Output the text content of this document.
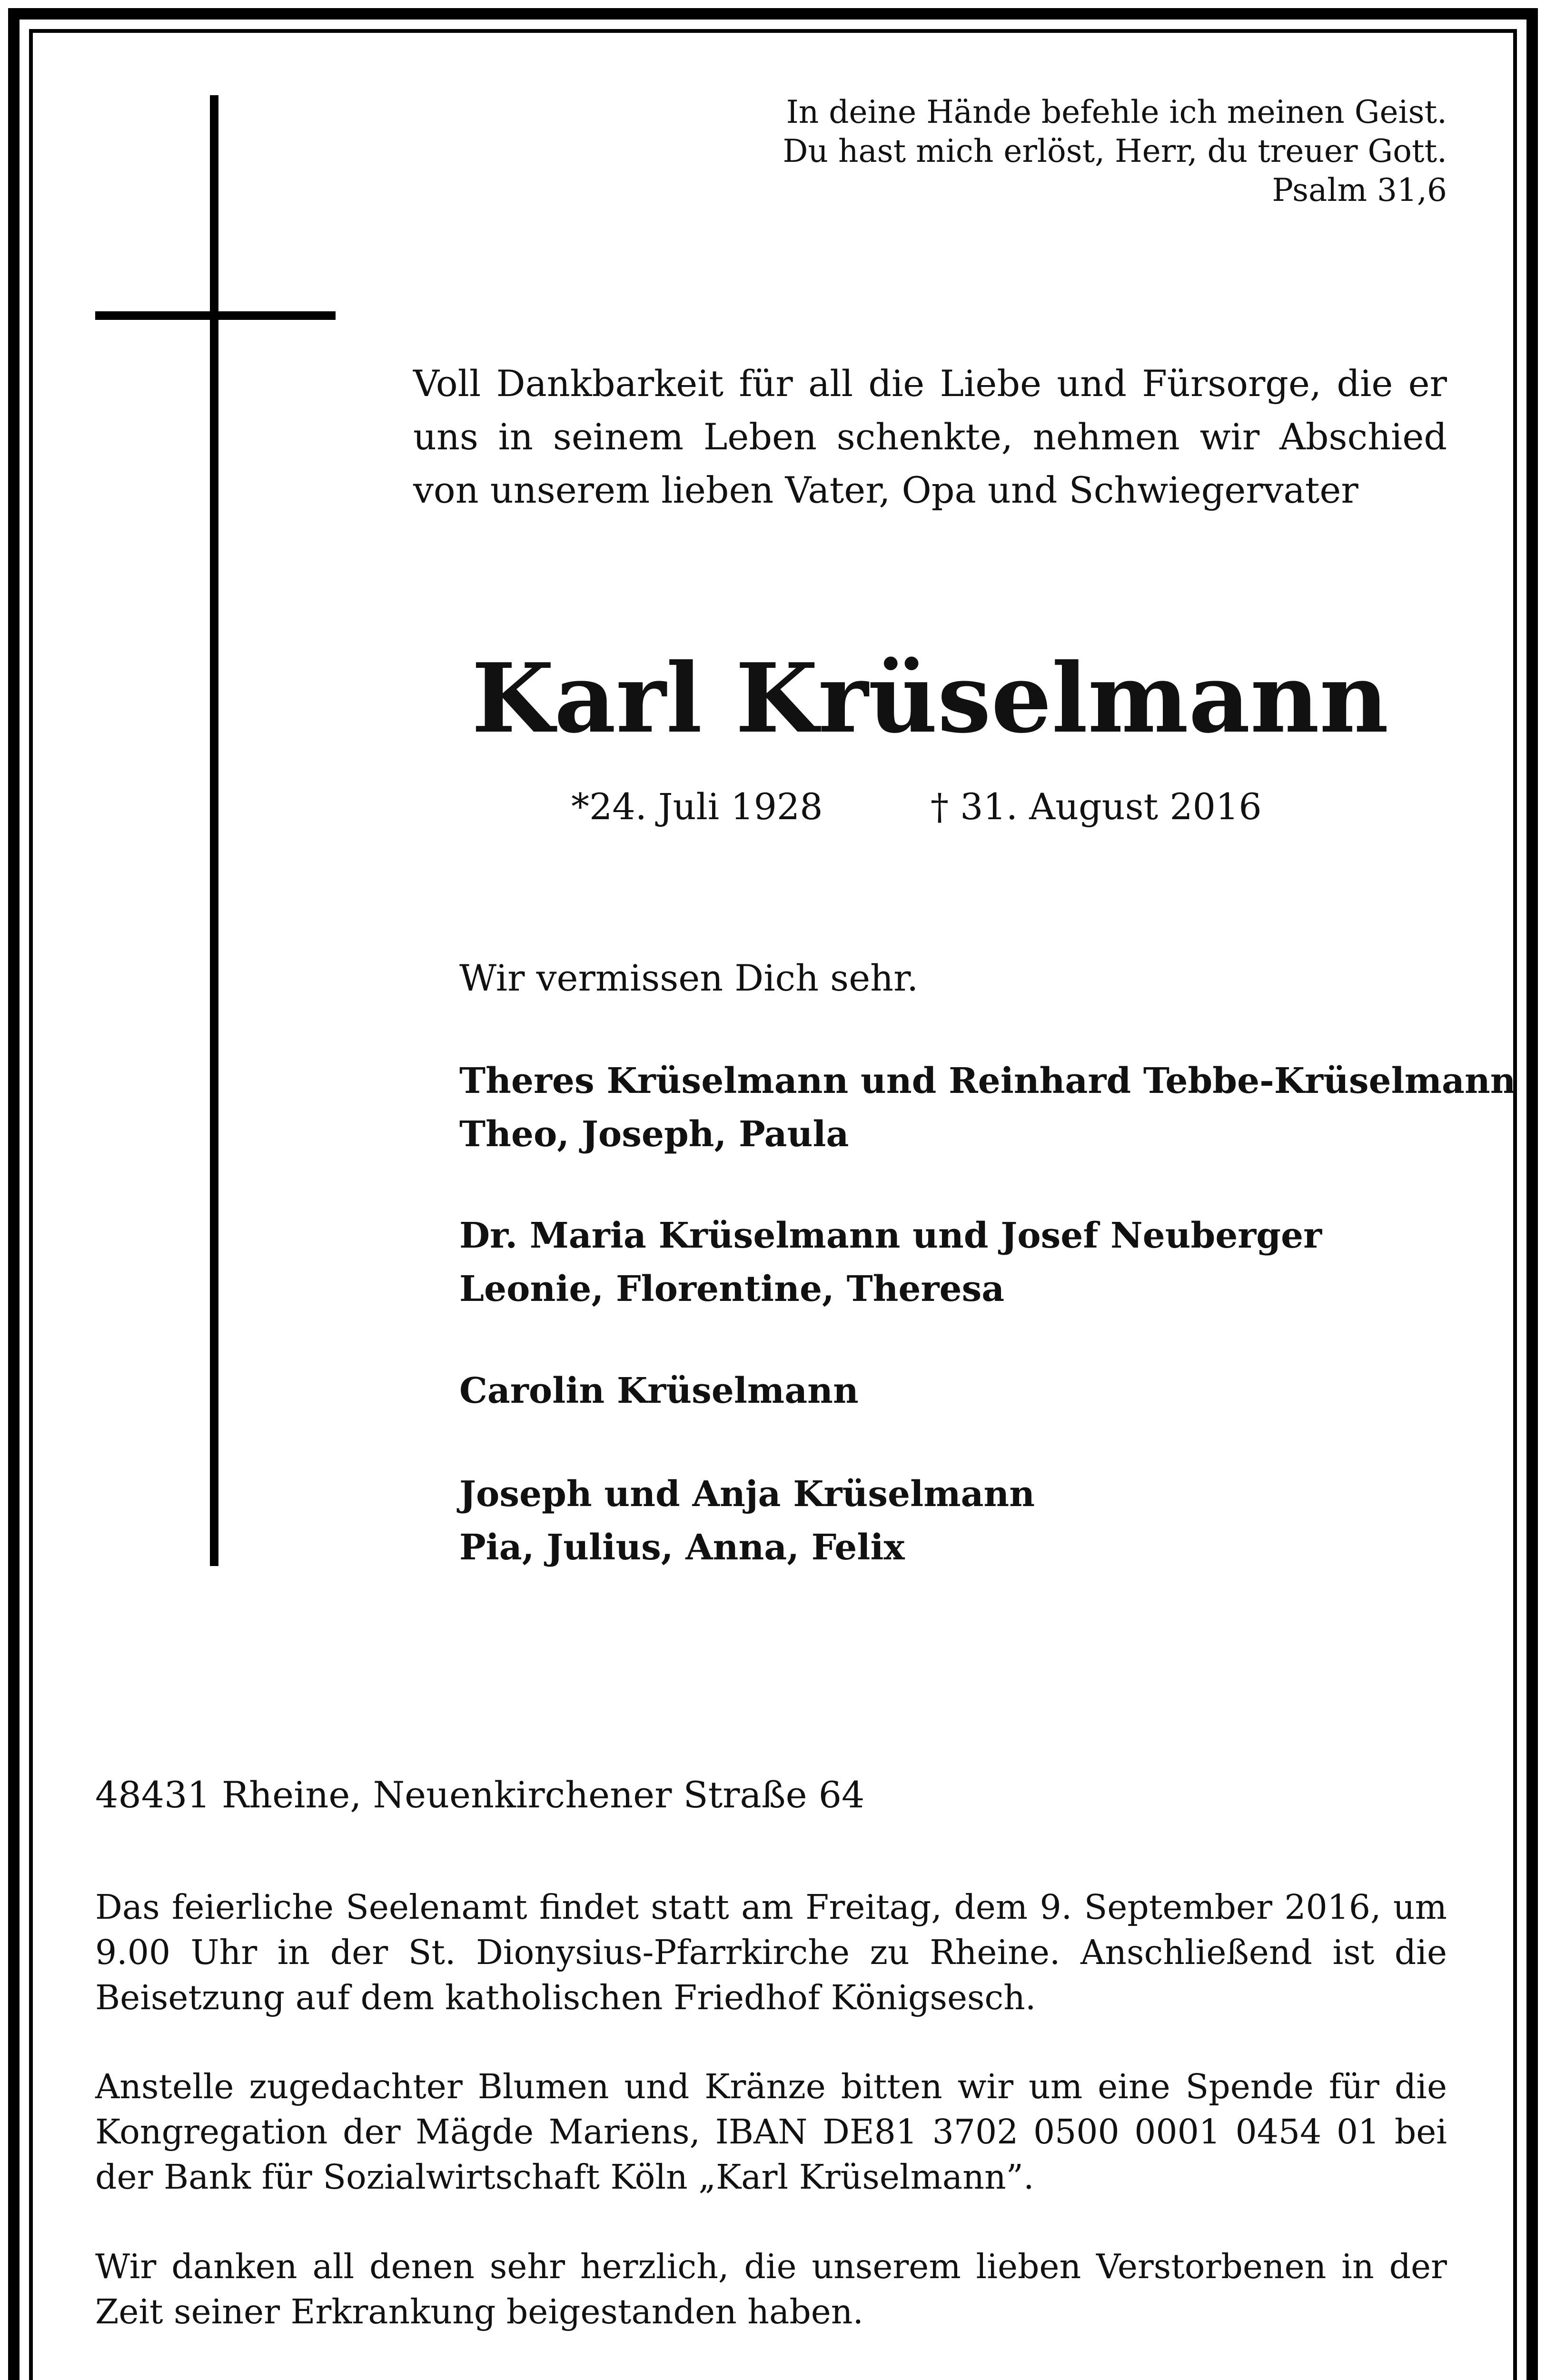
In deine Hände befehle ich meinen Geist.
Du hast mich erlöst, Herr, du treuer Gott.
Psalm 31,6
Voll Dankbarkeit für all die Liebe und Fürsorge, die er uns in seinem Leben schenkte, nehmen wir Abschied von unserem lieben Vater, Opa und Schwiegervater
Karl Krüselmann
*24. Juli 1928	† 31. August 2016
Wir vermissen Dich sehr.
Theres Krüselmann und Reinhard Tebbe-Krüselmann
Theo, Joseph, Paula
Dr. Maria Krüselmann und Josef Neuberger
Leonie, Florentine, Theresa
Carolin Krüselmann
Joseph und Anja Krüselmann
Pia, Julius, Anna, Felix
48431 Rheine, Neuenkirchener Straße 64
Das feierliche Seelenamt findet statt am Freitag, dem 9. September 2016, um 9.00 Uhr in der St. Dionysius-Pfarrkirche zu Rheine. Anschließend ist die Beisetzung auf dem katholischen Friedhof Königsesch.
Anstelle zugedachter Blumen und Kränze bitten wir um eine Spende für die Kongregation der Mägde Mariens, IBAN DE81 3702 0500 0001 0454 01 bei der Bank für Sozialwirtschaft Köln „Karl Krüselmann”.
Wir danken all denen sehr herzlich, die unserem lieben Verstorbenen in der Zeit seiner Erkrankung beigestanden haben.
